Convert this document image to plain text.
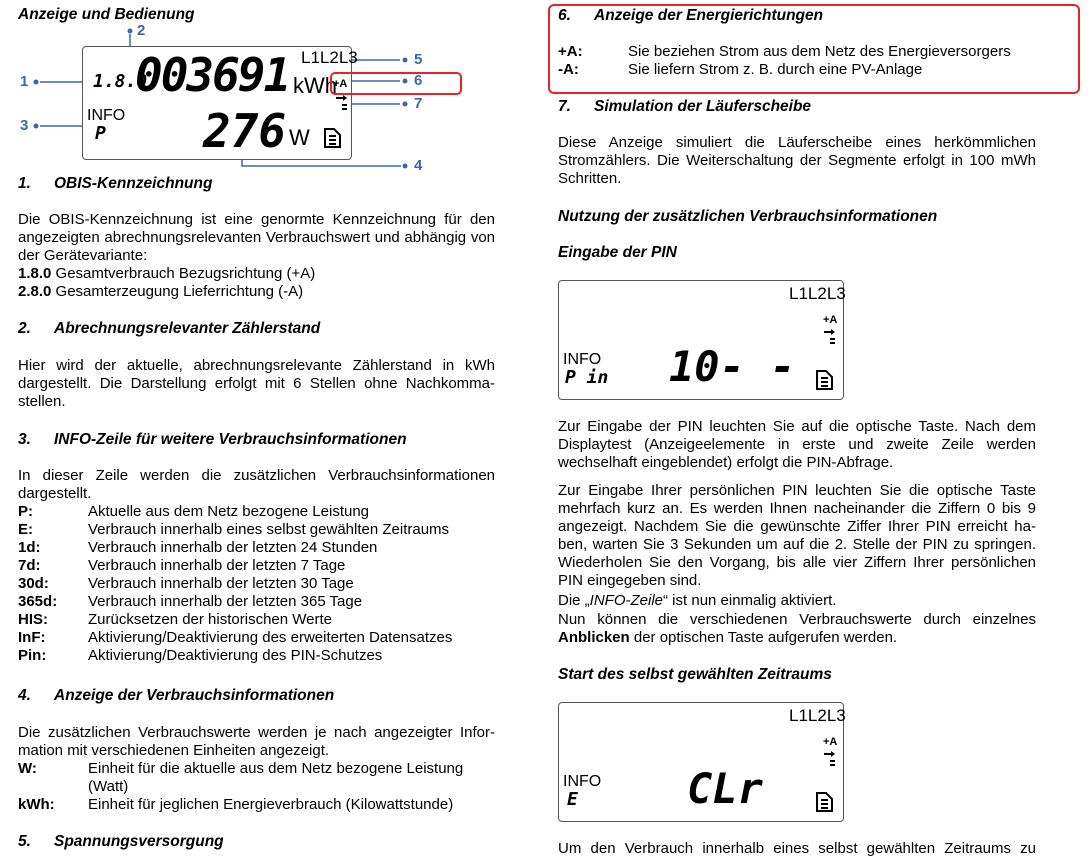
Anzeige und Bedienung
1
2
3
4
5
6
7
1.8.0
003691 kWh
L1L2L3
+A
INFO
P 276 W
1. OBIS-Kennzeichnung
Die OBIS-Kennzeichnung ist eine genormte Kennzeichnung für den angezeigten abrechnungsrelevanten Verbrauchswert und abhängig von der Gerätevariante:
1.8.0 Gesamtverbrauch Bezugsrichtung (+A)
2.8.0 Gesamterzeugung Lieferrichtung (-A)
2. Abrechnungsrelevanter Zählerstand
Hier wird der aktuelle, abrechnungsrelevante Zählerstand in kWh dargestellt. Die Darstellung erfolgt mit 6 Stellen ohne Nachkomma-stellen.
3. INFO-Zeile für weitere Verbrauchsinformationen
In dieser Zeile werden die zusätzlichen Verbrauchsinformationen dargestellt.
P:	Aktuelle aus dem Netz bezogene Leistung
E:	Verbrauch innerhalb eines selbst gewählten Zeitraums
1d:	Verbrauch innerhalb der letzten 24 Stunden
7d:	Verbrauch innerhalb der letzten 7 Tage
30d:	Verbrauch innerhalb der letzten 30 Tage
365d:	Verbrauch innerhalb der letzten 365 Tage
HIS:	Zurücksetzen der historischen Werte
InF:	Aktivierung/Deaktivierung des erweiterten Datensatzes
Pin:	Aktivierung/Deaktivierung des PIN-Schutzes
4. Anzeige der Verbrauchsinformationen
Die zusätzlichen Verbrauchswerte werden je nach angezeigter Infor-mation mit verschiedenen Einheiten angezeigt.
W:	Einheit für die aktuelle aus dem Netz bezogene Leistung
(Watt)
kWh:	Einheit für jeglichen Energieverbrauch (Kilowattstunde)
5. Spannungsversorgung
6. Anzeige der Energierichtungen
+A:	Sie beziehen Strom aus dem Netz des Energieversorgers
-A:	Sie liefern Strom z. B. durch eine PV-Anlage
7. Simulation der Läuferscheibe
Diese Anzeige simuliert die Läuferscheibe eines herkömmlichen Stromzählers. Die Weiterschaltung der Segmente erfolgt in 100 mWh Schritten.
Nutzung der zusätzlichen Verbrauchsinformationen
Eingabe der PIN
L1L2L3
+A
INFO
P in 10- -
Zur Eingabe der PIN leuchten Sie auf die optische Taste. Nach dem Displaytest (Anzeigeelemente in erste und zweite Zeile werden wechselhaft eingeblendet) erfolgt die PIN-Abfrage.
Zur Eingabe Ihrer persönlichen PIN leuchten Sie die optische Taste mehrfach kurz an. Es werden Ihnen nacheinander die Ziffern 0 bis 9 angezeigt. Nachdem Sie die gewünschte Ziffer Ihrer PIN erreicht ha-ben, warten Sie 3 Sekunden um auf die 2. Stelle der PIN zu springen. Wiederholen Sie den Vorgang, bis alle vier Ziffern Ihrer persönlichen PIN eingegeben sind.
Die „INFO-Zeile“ ist nun einmalig aktiviert.
Nun können die verschiedenen Verbrauchswerte durch einzelnes
Anblicken der optischen Taste aufgerufen werden.
Start des selbst gewählten Zeitraums
L1L2L3
+A
INFO
E	CLr
Um den Verbrauch innerhalb eines selbst gewählten Zeitraums zu
